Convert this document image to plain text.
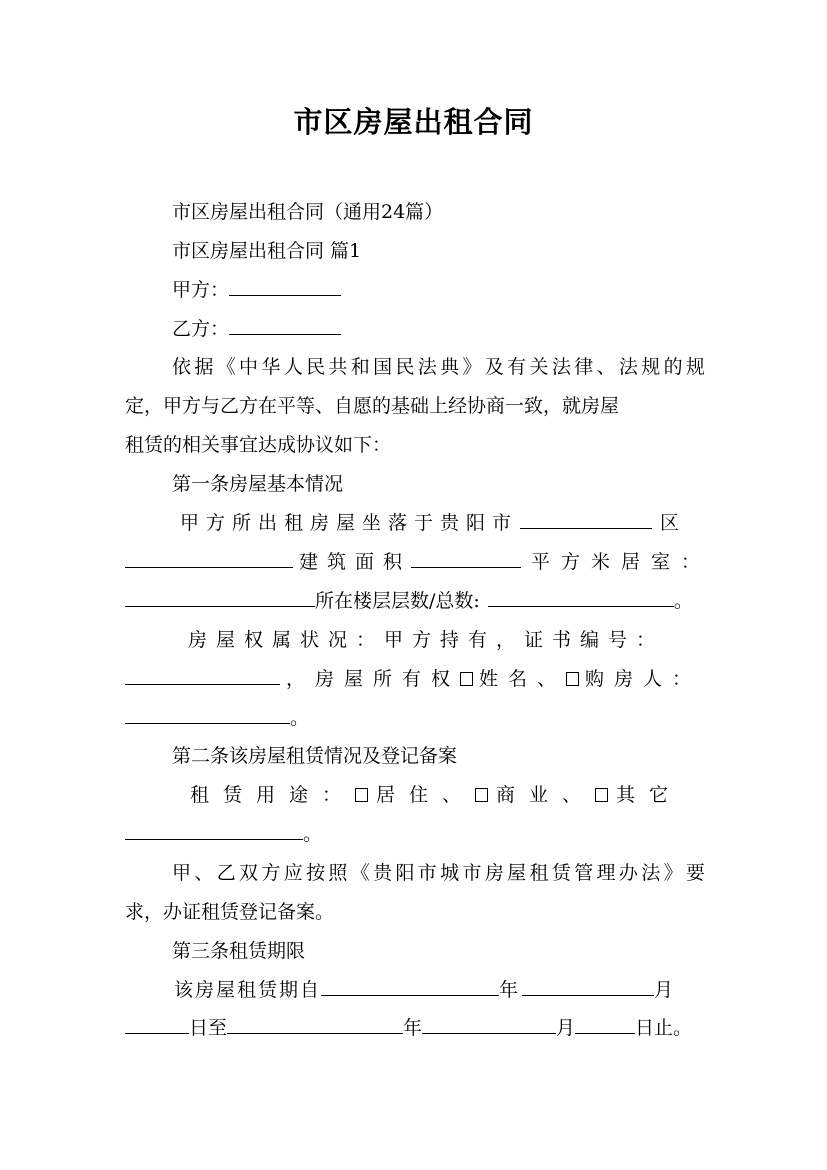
市区房屋出租合同
市区房屋出租合同（通用24篇）
市区房屋出租合同 篇1
甲方：
乙方：
依 据 《 中 华 人 民 共 和 国 民 法 典 》 及 有 关 法 律 、 法 规 的 规
定，甲方与乙方在平等、自愿的基础上经协商一致，就房屋
租赁的相关事宜达成协议如下：
第一条房屋基本情况
甲方所出租房屋坐落于贵阳市	区
建筑面积	平方米居室：
所在楼层层数/总数:	。
房屋权属状况：甲方持有，证书编号：
，房屋所有权 姓名、 购房人：
。
第二条该房屋租赁情况及登记备案
租赁用途： 居住、 商业、 其它
。
甲 、 乙 双 方 应 按 照 《 贵 阳 市 城 市 房 屋 租 赁 管 理 办 法 》 要
求，办证租赁登记备案。
第三条租赁期限
该房屋租赁期自	年	月
日至	年	月	日止。
